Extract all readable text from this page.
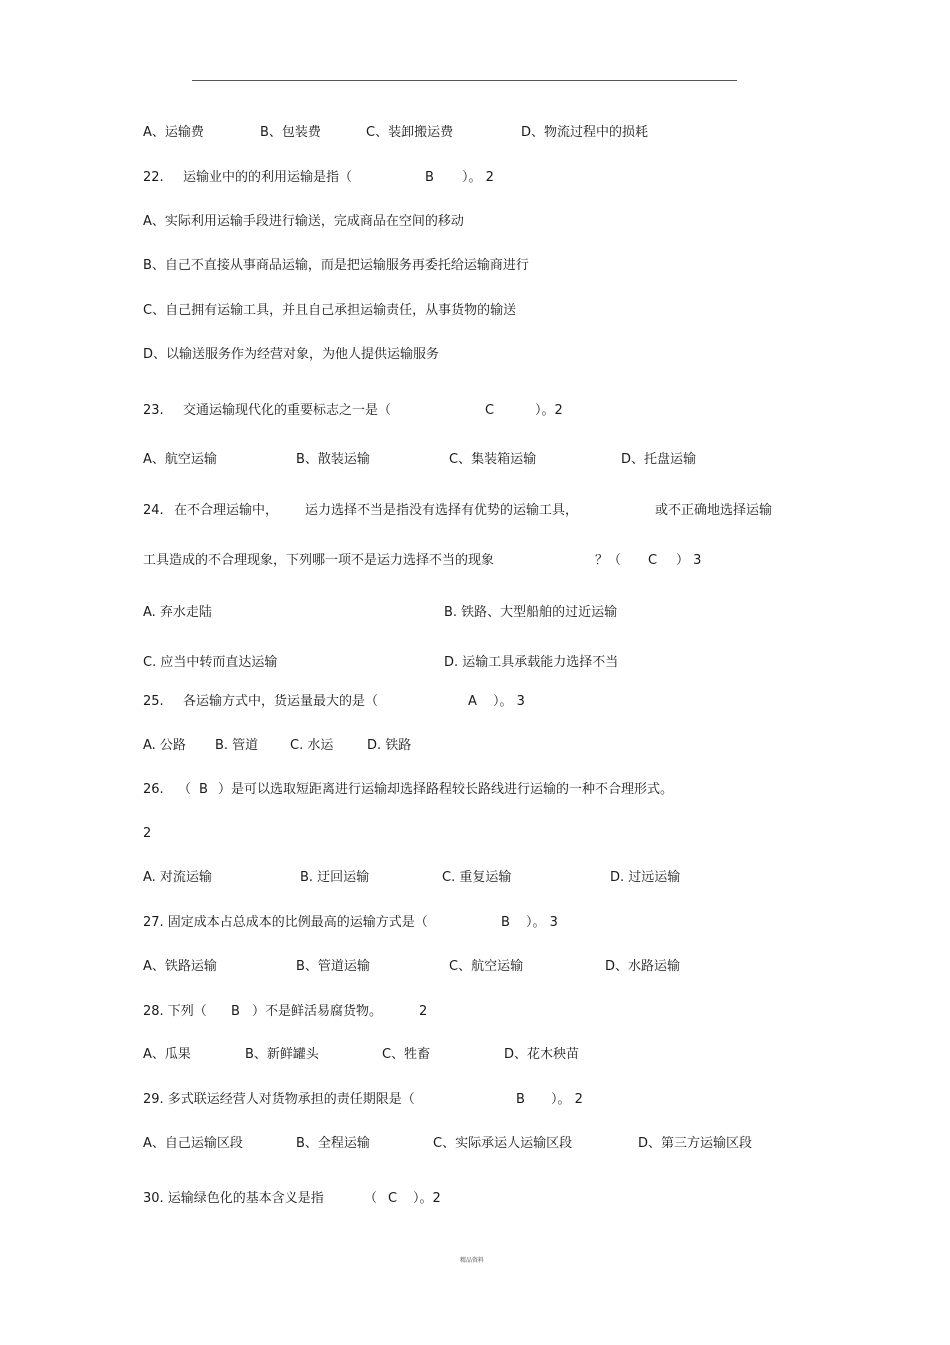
A、运输费	B、包装费	C、装卸搬运费	D、物流过程中的损耗
22. 运输业中的的利用运输是指（	B ）。 2
A、实际利用运输手段进行输送，完成商品在空间的移动
B、自己不直接从事商品运输，而是把运输服务再委托给运输商进行
C、自己拥有运输工具，并且自己承担运输责任，从事货物的输送
D、以输送服务作为经营对象，为他人提供运输服务
23. 交通运输现代化的重要标志之一是（	C	）。2
A、航空运输	B、散装运输	C、集装箱运输	D、托盘运输
24. 在不合理运输中， 运力选择不当是指没有选择有优势的运输工具，	或不正确地选择运输
工具造成的不合理现象，下列哪一项不是运力选择不当的现象	？（ C ） 3
A. 弃水走陆	B. 铁路、大型船舶的过近运输
C. 应当中转而直达运输	D. 运输工具承载能力选择不当
25. 各运输方式中，货运量最大的是（	A ）。 3
A. 公路 B. 管道 C. 水运	D. 铁路
26. （ B ）是可以选取短距离进行运输却选择路程较长路线进行运输的一种不合理形式。
2
A. 对流运输	B. 迂回运输	C. 重复运输	D. 过远运输
27. 固定成本占总成本的比例最高的运输方式是（	B ）。 3
A、铁路运输	B、管道运输	C、航空运输	D、水路运输
28. 下列（ B ）不是鲜活易腐货物。	2
A、瓜果	B、新鲜罐头	C、牲畜	D、花木秧苗
29. 多式联运经营人对货物承担的责任期限是（	B ）。 2
A、自己运输区段	B、全程运输	C、实际承运人运输区段	D、第三方运输区段
30. 运输绿色化的基本含义是指	（ C ）。2
精品资料
